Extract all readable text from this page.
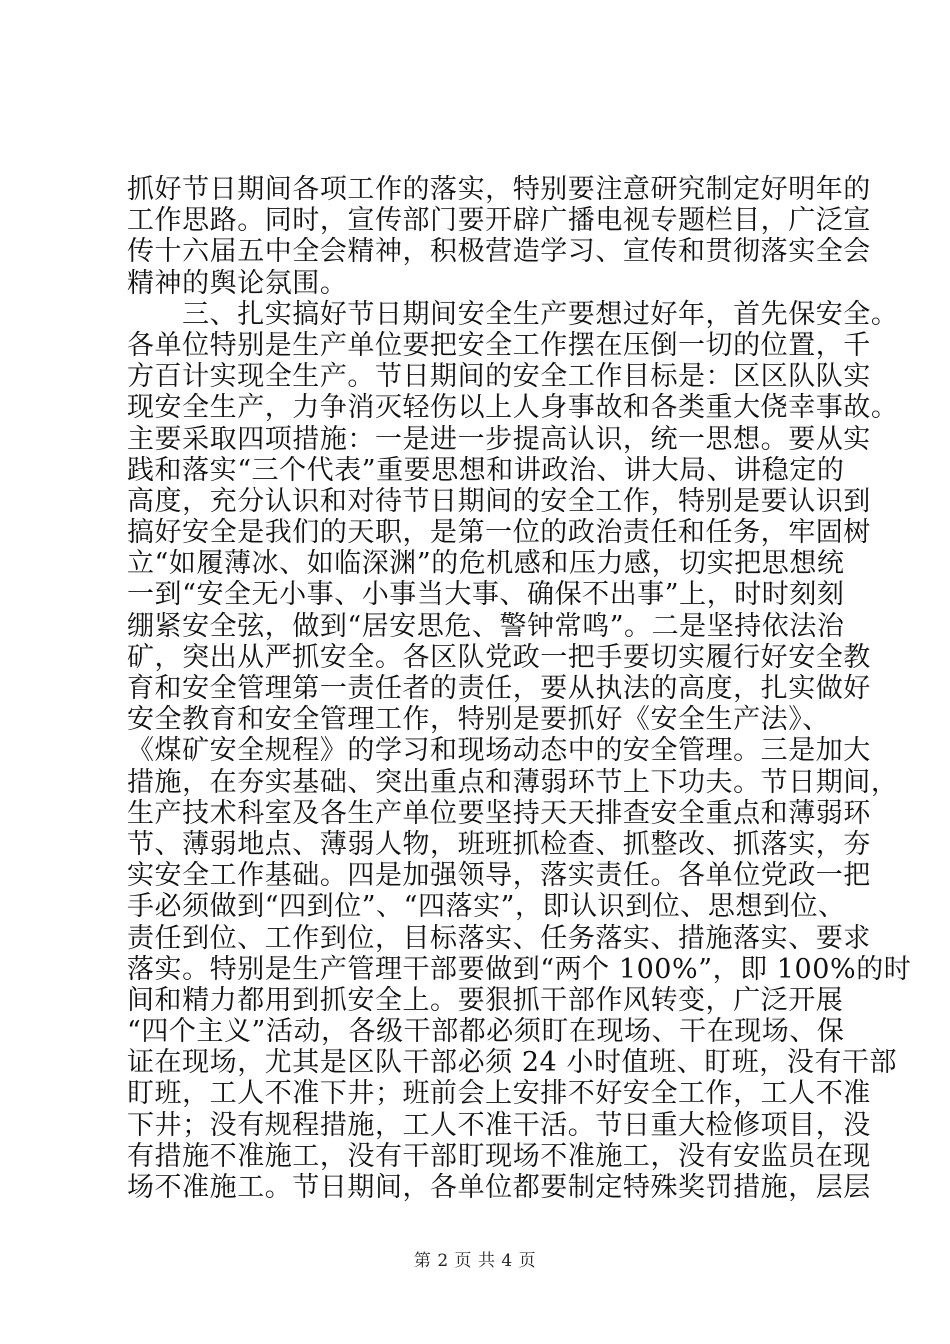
抓好节日期间各项工作的落实，特别要注意研究制定好明年的
工作思路。同时，宣传部门要开辟广播电视专题栏目，广泛宣
传十六届五中全会精神，积极营造学习、宣传和贯彻落实全会
精神的舆论氛围。
　　三、扎实搞好节日期间安全生产要想过好年，首先保安全。
各单位特别是生产单位要把安全工作摆在压倒一切的位置，千
方百计实现全生产。节日期间的安全工作目标是：区区队队实
现安全生产，力争消灭轻伤以上人身事故和各类重大侥幸事故。
主要采取四项措施：一是进一步提高认识，统一思想。要从实
践和落实“三个代表”重要思想和讲政治、讲大局、讲稳定的
高度，充分认识和对待节日期间的安全工作，特别是要认识到
搞好安全是我们的天职，是第一位的政治责任和任务，牢固树
立“如履薄冰、如临深渊”的危机感和压力感，切实把思想统
一到“安全无小事、小事当大事、确保不出事”上，时时刻刻
绷紧安全弦，做到“居安思危、警钟常鸣”。二是坚持依法治
矿，突出从严抓安全。各区队党政一把手要切实履行好安全教
育和安全管理第一责任者的责任，要从执法的高度，扎实做好
安全教育和安全管理工作，特别是要抓好《安全生产法》、
《煤矿安全规程》的学习和现场动态中的安全管理。三是加大
措施，在夯实基础、突出重点和薄弱环节上下功夫。节日期间，
生产技术科室及各生产单位要坚持天天排查安全重点和薄弱环
节、薄弱地点、薄弱人物，班班抓检查、抓整改、抓落实，夯
实安全工作基础。四是加强领导，落实责任。各单位党政一把
手必须做到“四到位”、“四落实”，即认识到位、思想到位、
责任到位、工作到位，目标落实、任务落实、措施落实、要求
落实。特别是生产管理干部要做到“两个 100%”，即 100%的时
间和精力都用到抓安全上。要狠抓干部作风转变，广泛开展
“四个主义”活动，各级干部都必须盯在现场、干在现场、保
证在现场，尤其是区队干部必须 24 小时值班、盯班，没有干部
盯班，工人不准下井；班前会上安排不好安全工作，工人不准
下井；没有规程措施，工人不准干活。节日重大检修项目，没
有措施不准施工，没有干部盯现场不准施工，没有安监员在现
场不准施工。节日期间，各单位都要制定特殊奖罚措施，层层
第 2 页 共 4 页
